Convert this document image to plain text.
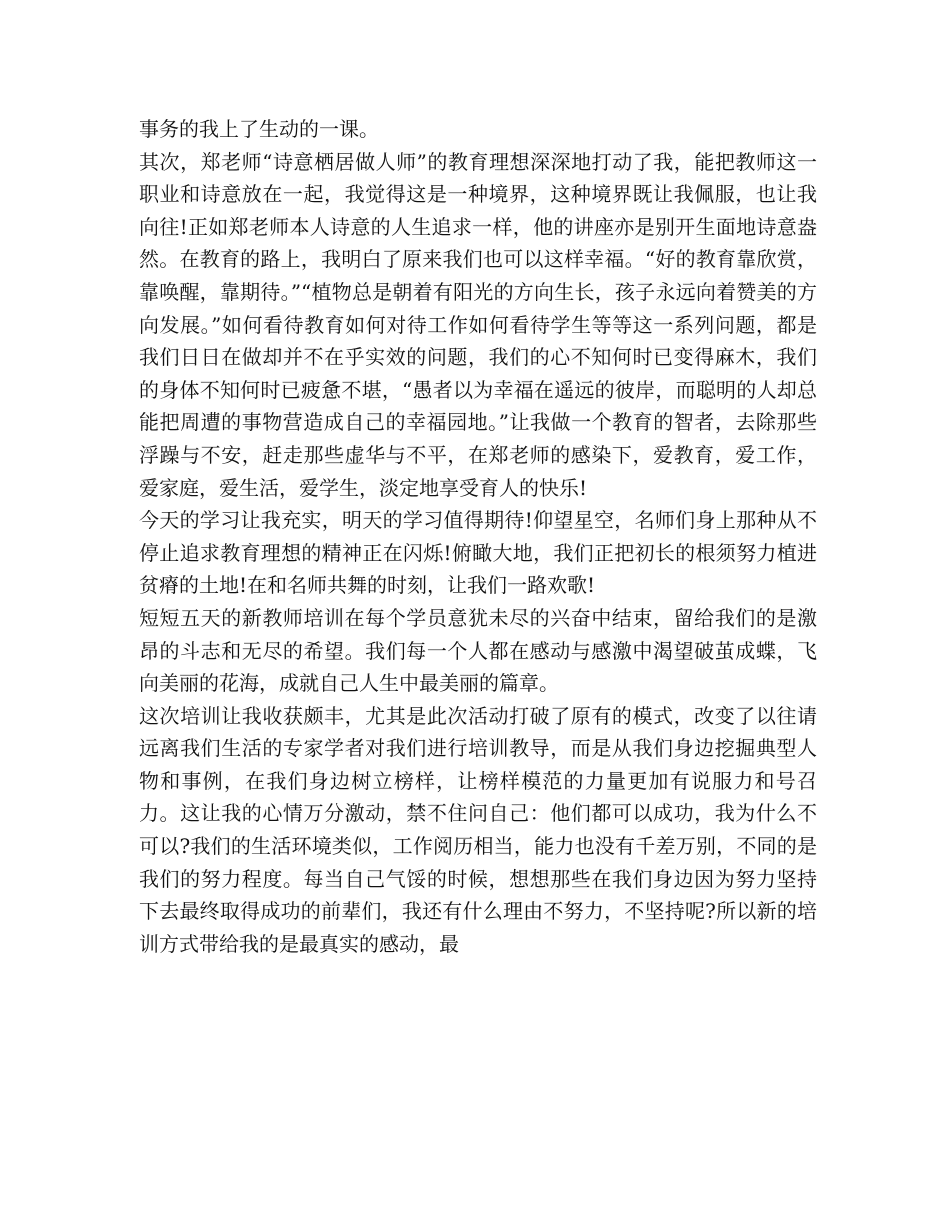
事务的我上了生动的一课。

其次，郑老师“诗意栖居做人师”的教育理想深深地打动了我，能把教师这一职业和诗意放在一起，我觉得这是一种境界，这种境界既让我佩服，也让我向往!正如郑老师本人诗意的人生追求一样，他的讲座亦是别开生面地诗意盎然。在教育的路上，我明白了原来我们也可以这样幸福。“好的教育靠欣赏，靠唤醒，靠期待。”“植物总是朝着有阳光的方向生长，孩子永远向着赞美的方向发展。”如何看待教育如何对待工作如何看待学生等等这一系列问题，都是我们日日在做却并不在乎实效的问题，我们的心不知何时已变得麻木，我们的身体不知何时已疲惫不堪，“愚者以为幸福在遥远的彼岸，而聪明的人却总能把周遭的事物营造成自己的幸福园地。”让我做一个教育的智者，去除那些浮躁与不安，赶走那些虚华与不平，在郑老师的感染下，爱教育，爱工作，爱家庭，爱生活，爱学生，淡定地享受育人的快乐!

今天的学习让我充实，明天的学习值得期待!仰望星空，名师们身上那种从不停止追求教育理想的精神正在闪烁!俯瞰大地，我们正把初长的根须努力植进贫瘠的土地!在和名师共舞的时刻，让我们一路欢歌!

短短五天的新教师培训在每个学员意犹未尽的兴奋中结束，留给我们的是激昂的斗志和无尽的希望。我们每一个人都在感动与感激中渴望破茧成蝶，飞向美丽的花海，成就自己人生中最美丽的篇章。

这次培训让我收获颇丰，尤其是此次活动打破了原有的模式，改变了以往请远离我们生活的专家学者对我们进行培训教导，而是从我们身边挖掘典型人物和事例，在我们身边树立榜样，让榜样模范的力量更加有说服力和号召力。这让我的心情万分激动，禁不住问自己：他们都可以成功，我为什么不可以?我们的生活环境类似，工作阅历相当，能力也没有千差万别，不同的是我们的努力程度。每当自己气馁的时候，想想那些在我们身边因为努力坚持下去最终取得成功的前辈们，我还有什么理由不努力，不坚持呢?所以新的培训方式带给我的是最真实的感动，最
